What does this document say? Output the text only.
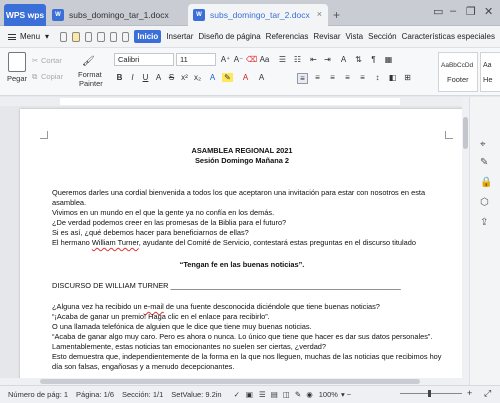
WPS wps	W subs_domingo_tar_1.docx	W subs_domingo_tar_2.docx × +	▭ – ❐ ✕
Menu ▾	Inicio	Insertar Diseño de página Referencias Revisar Vista Sección Características especiales
Pegar
✂ Cortar
⧉ Copiar
🖌
Format
Painter
Calibri	11	A⁺ A⁻ ⌫ Aa
B	I	U A S x² x₂	A	✎	A	A
☰ ☷ ⇤ ⇥	A	⇅	¶	▦
≡	≡	≡	≡	≡	↕	◧ ⊞
AaBbCcDd
Footer
Aa
He
ASAMBLEA REGIONAL 2021
Sesión Domingo Mañana 2
Queremos darles una cordial bienvenida a todos los que aceptaron una invitación para estar con nosotros en esta
asamblea.
Vivimos en un mundo en el que la gente ya no confía en los demás.
¿De verdad podemos creer en las promesas de la Biblia para el futuro?
Si es así, ¿qué debemos hacer para beneficiarnos de ellas?
El hermano William Turner, ayudante del Comité de Servicio, contestará estas preguntas en el discurso titulado
“Tengan fe en las buenas noticias”.
DISCURSO DE WILLIAM TURNER ________________________________________________________
¿Alguna vez ha recibido un e-mail de una fuente desconocida diciéndole que tiene buenas noticias?
“¡Acaba de ganar un premio! Haga clic en el enlace para recibirlo”.
O una llamada telefónica de alguien que le dice que tiene muy buenas noticias.
“Acaba de ganar algo muy caro. Pero es ahora o nunca. Lo único que tiene que hacer es dar sus datos personales”.
Lamentablemente, estas noticias tan emocionantes no suelen ser ciertas, ¿verdad?
Esto demuestra que, independientemente de la forma en la que nos lleguen, muchas de las noticias que recibimos hoy
día son falsas, engañosas y a menudo decepcionantes.
⌖
✎
🔒
⬡
⇪
Número de pág: 1 Página: 1/6 Sección: 1/1 SetValue: 9.2in ✓ ▣ ☰ ▤ ◫ ✎ ◉ 100% ▾ −	+ ⤢
